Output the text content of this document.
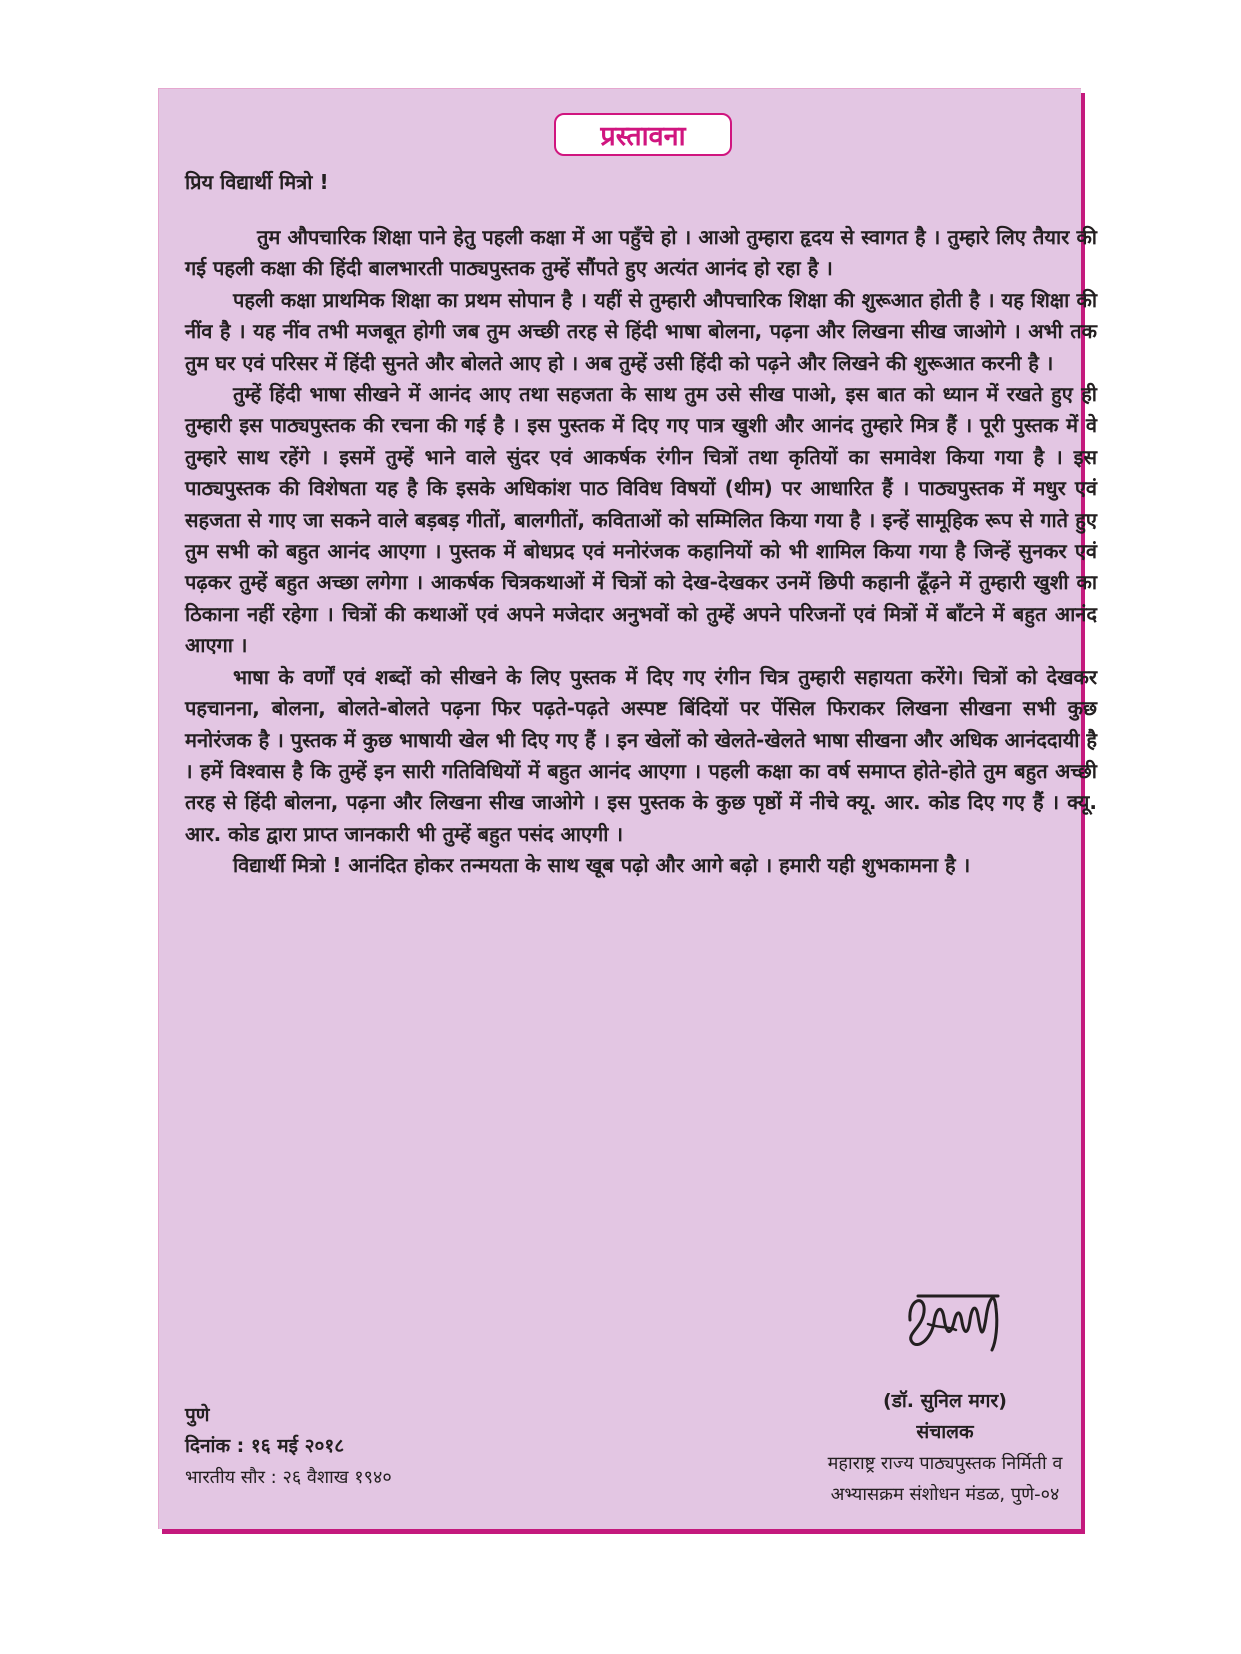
प्रस्तावना
प्रिय विद्यार्थी मित्रो !

तुम औपचारिक शिक्षा पाने हेतु पहली कक्षा में आ पहुँचे हो । आओ तुम्हारा हृदय से स्वागत है । तुम्हारे लिए तैयार की गई पहली कक्षा की हिंदी बालभारती पाठ्यपुस्तक तुम्हें सौंपते हुए अत्यंत आनंद हो रहा है ।

पहली कक्षा प्राथमिक शिक्षा का प्रथम सोपान है । यहीं से तुम्हारी औपचारिक शिक्षा की शुरूआत होती है । यह शिक्षा की नींव है । यह नींव तभी मजबूत होगी जब तुम अच्छी तरह से हिंदी भाषा बोलना, पढ़ना और लिखना सीख जाओगे । अभी तक तुम घर एवं परिसर में हिंदी सुनते और बोलते आए हो । अब तुम्हें उसी हिंदी को पढ़ने और लिखने की शुरूआत करनी है ।

तुम्हें हिंदी भाषा सीखने में आनंद आए तथा सहजता के साथ तुम उसे सीख पाओ, इस बात को ध्यान में रखते हुए ही तुम्हारी इस पाठ्यपुस्तक की रचना की गई है । इस पुस्तक में दिए गए पात्र खुशी और आनंद तुम्हारे मित्र हैं । पूरी पुस्तक में वे तुम्हारे साथ रहेंगे । इसमें तुम्हें भाने वाले सुंदर एवं आकर्षक रंगीन चित्रों तथा कृतियों का समावेश किया गया है । इस पाठ्यपुस्तक की विशेषता यह है कि इसके अधिकांश पाठ विविध विषयों (थीम) पर आधारित हैं । पाठ्यपुस्तक में मधुर एवं सहजता से गाए जा सकने वाले बड़बड़ गीतों, बालगीतों, कविताओं को सम्मिलित किया गया है । इन्हें सामूहिक रूप से गाते हुए तुम सभी को बहुत आनंद आएगा । पुस्तक में बोधप्रद एवं मनोरंजक कहानियों को भी शामिल किया गया है जिन्हें सुनकर एवं पढ़कर तुम्हें बहुत अच्छा लगेगा । आकर्षक चित्रकथाओं में चित्रों को देख-देखकर उनमें छिपी कहानी ढूँढ़ने में तुम्हारी खुशी का ठिकाना नहीं रहेगा । चित्रों की कथाओं एवं अपने मजेदार अनुभवों को तुम्हें अपने परिजनों एवं मित्रों में बाँटने में बहुत आनंद आएगा ।

भाषा के वर्णों एवं शब्दों को सीखने के लिए पुस्तक में दिए गए रंगीन चित्र तुम्हारी सहायता करेंगे। चित्रों को देखकर पहचानना, बोलना, बोलते-बोलते पढ़ना फिर पढ़ते-पढ़ते अस्पष्ट बिंदियों पर पेंसिल फिराकर लिखना सीखना सभी कुछ मनोरंजक है । पुस्तक में कुछ भाषायी खेल भी दिए गए हैं । इन खेलों को खेलते-खेलते भाषा सीखना और अधिक आनंददायी है । हमें विश्वास है कि तुम्हें इन सारी गतिविधियों में बहुत आनंद आएगा । पहली कक्षा का वर्ष समाप्त होते-होते तुम बहुत अच्छी तरह से हिंदी बोलना, पढ़ना और लिखना सीख जाओगे । इस पुस्तक के कुछ पृष्ठों में नीचे क्यू. आर. कोड दिए गए हैं । क्यू. आर. कोड द्वारा प्राप्त जानकारी भी तुम्हें बहुत पसंद आएगी ।

विद्यार्थी मित्रो ! आनंदित होकर तन्मयता के साथ खूब पढ़ो और आगे बढ़ो । हमारी यही शुभकामना है ।

(डॉ. सुनिल मगर)
संचालक
महाराष्ट्र राज्य पाठ्यपुस्तक निर्मिती व
अभ्यासक्रम संशोधन मंडळ, पुणे-०४
पुणे
दिनांक : १६ मई २०१८
भारतीय सौर : २६ वैशाख १९४०
